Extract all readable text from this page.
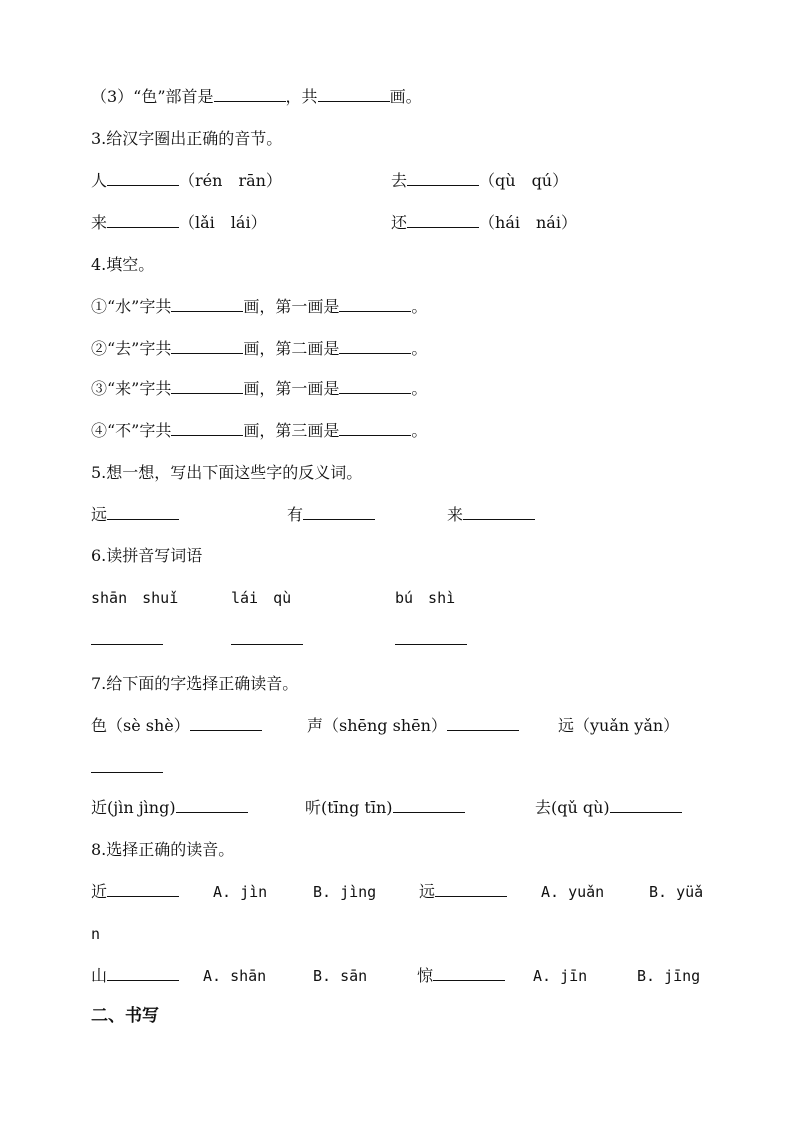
（3）“色”部首是	，共	画。
3.给汉字圈出正确的音节。
人	（rén　rān）	去	（qù　qú）
来	（lǎi　lái）	还	（hái　nái）
4.填空。
①“水”字共	画，第一画是	。
②“去”字共	画，第二画是	。
③“来”字共	画，第一画是	。
④“不”字共	画，第三画是	。
5.想一想，写出下面这些字的反义词。
远	有	来
6.读拼音写词语
shān　shuǐ	lái　qù	bú　shì
7.给下面的字选择正确读音。
色（sè shè）	声（shēng shēn）	远（yuǎn yǎn）
近(jìn jìng)	听(tīng tīn)	去(qǔ qù)
8.选择正确的读音。
近	A. jìn	B. jìng	远	A. yuǎn	B. yüǎ
n
山	A. shān	B. sān	惊	A. jīn	B. jīng
二、书写
